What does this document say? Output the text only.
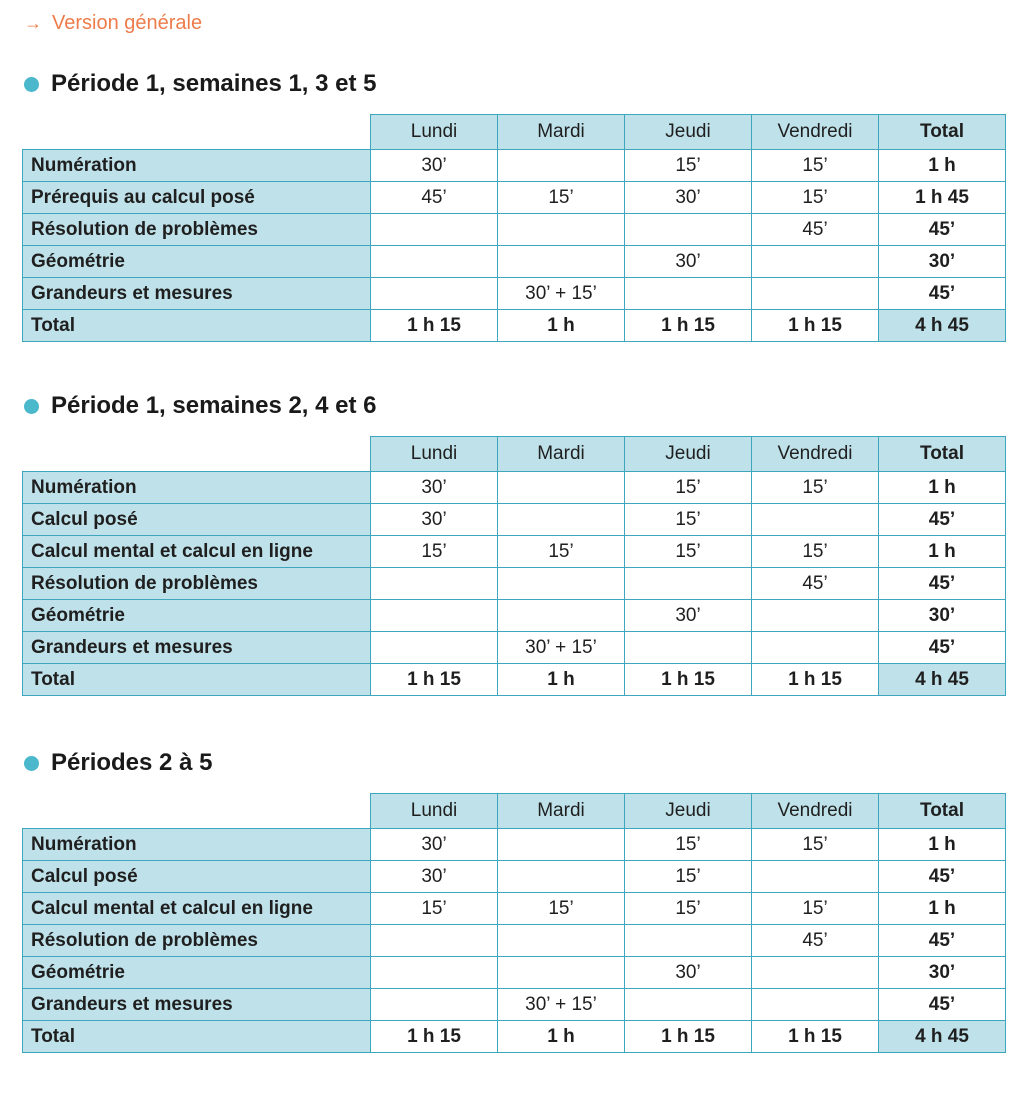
→ Version générale
Période 1, semaines 1, 3 et 5
	Lundi	Mardi	Jeudi	Vendredi	Total
Numération	30’		15’	15’	1 h
Prérequis au calcul posé	45’	15’	30’	15’	1 h 45
Résolution de problèmes				45’	45’
Géométrie			30’		30’
Grandeurs et mesures		30’ + 15’			45’
Total	1 h 15	1 h	1 h 15	1 h 15	4 h 45
Période 1, semaines 2, 4 et 6
	Lundi	Mardi	Jeudi	Vendredi	Total
Numération	30’		15’	15’	1 h
Calcul posé	30’		15’		45’
Calcul mental et calcul en ligne	15’	15’	15’	15’	1 h
Résolution de problèmes				45’	45’
Géométrie			30’		30’
Grandeurs et mesures		30’ + 15’			45’
Total	1 h 15	1 h	1 h 15	1 h 15	4 h 45
Périodes 2 à 5
	Lundi	Mardi	Jeudi	Vendredi	Total
Numération	30’		15’	15’	1 h
Calcul posé	30’		15’		45’
Calcul mental et calcul en ligne	15’	15’	15’	15’	1 h
Résolution de problèmes				45’	45’
Géométrie			30’		30’
Grandeurs et mesures		30’ + 15’			45’
Total	1 h 15	1 h	1 h 15	1 h 15	4 h 45
